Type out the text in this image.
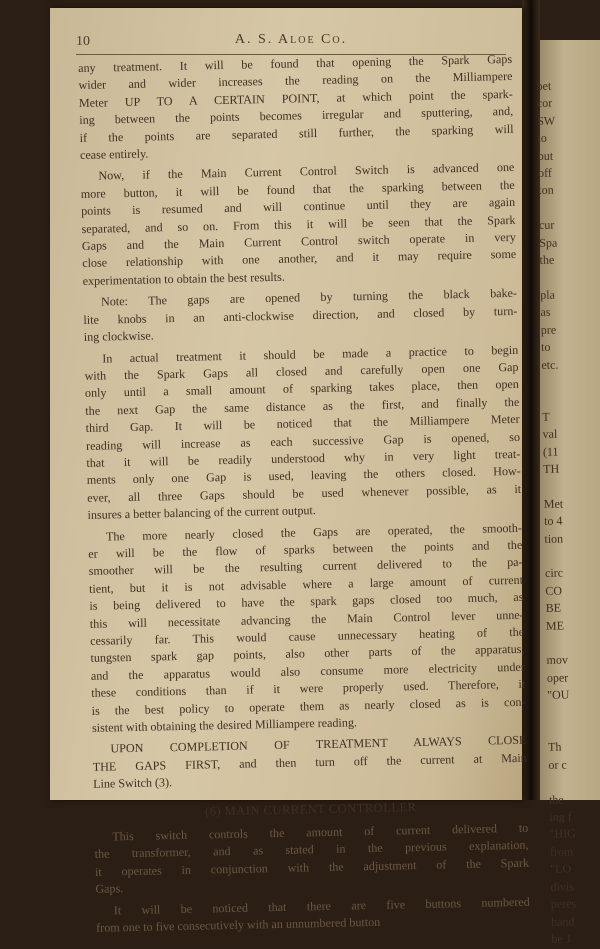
bet
cor
SW
to
but
off
ton

cur
Spa
the

pla
as
pre
to
etc.

T
val
(11
TH

Met
to 4
tion

circ
CO
BE
ME

mov
oper
"OU

Th
or c

the
ing f
"HIG
from
"LO
divis
peres
hand
be 1
10	A. S. Aloe Co.
any treatment. It will be found that opening the Spark Gaps
wider and wider increases the reading on the Milliampere
Meter UP TO A CERTAIN POINT, at which point the spark-
ing between the points becomes irregular and sputtering, and,
if the points are separated still further, the sparking will
cease entirely.
Now, if the Main Current Control Switch is advanced one
more button, it will be found that the sparking between the
points is resumed and will continue until they are again
separated, and so on. From this it will be seen that the Spark
Gaps and the Main Current Control switch operate in very
close relationship with one another, and it may require some
experimentation to obtain the best results.
Note: The gaps are opened by turning the black bake-
lite knobs in an anti-clockwise direction, and closed by turn-
ing clockwise.
In actual treatment it should be made a practice to begin
with the Spark Gaps all closed and carefully open one Gap
only until a small amount of sparking takes place, then open
the next Gap the same distance as the first, and finally the
third Gap. It will be noticed that the Milliampere Meter
reading will increase as each successive Gap is opened, so
that it will be readily understood why in very light treat-
ments only one Gap is used, leaving the others closed. How-
ever, all three Gaps should be used whenever possible, as it
insures a better balancing of the current output.
The more nearly closed the Gaps are operated, the smooth-
er will be the flow of sparks between the points and the
smoother will be the resulting current delivered to the pa-
tient, but it is not advisable where a large amount of current
is being delivered to have the spark gaps closed too much, as
this will necessitate advancing the Main Control lever unne-
cessarily far. This would cause unnecessary heating of the
tungsten spark gap points, also other parts of the apparatus,
and the apparatus would also consume more electricity under
these conditions than if it were properly used. Therefore, it
is the best policy to operate them as nearly closed as is con-
sistent with obtaining the desired Milliampere reading.
UPON COMPLETION OF TREATMENT ALWAYS CLOSE
THE GAPS FIRST, and then turn off the current at Main
Line Switch (3).
(6) MAIN CURRENT CONTROLLER
This switch controls the amount of current delivered to
the transformer, and as stated in the previous explanation,
it operates in conjunction with the adjustment of the Spark
Gaps.
It will be noticed that there are five buttons numbered
from one to five consecutively with an unnumbered button
